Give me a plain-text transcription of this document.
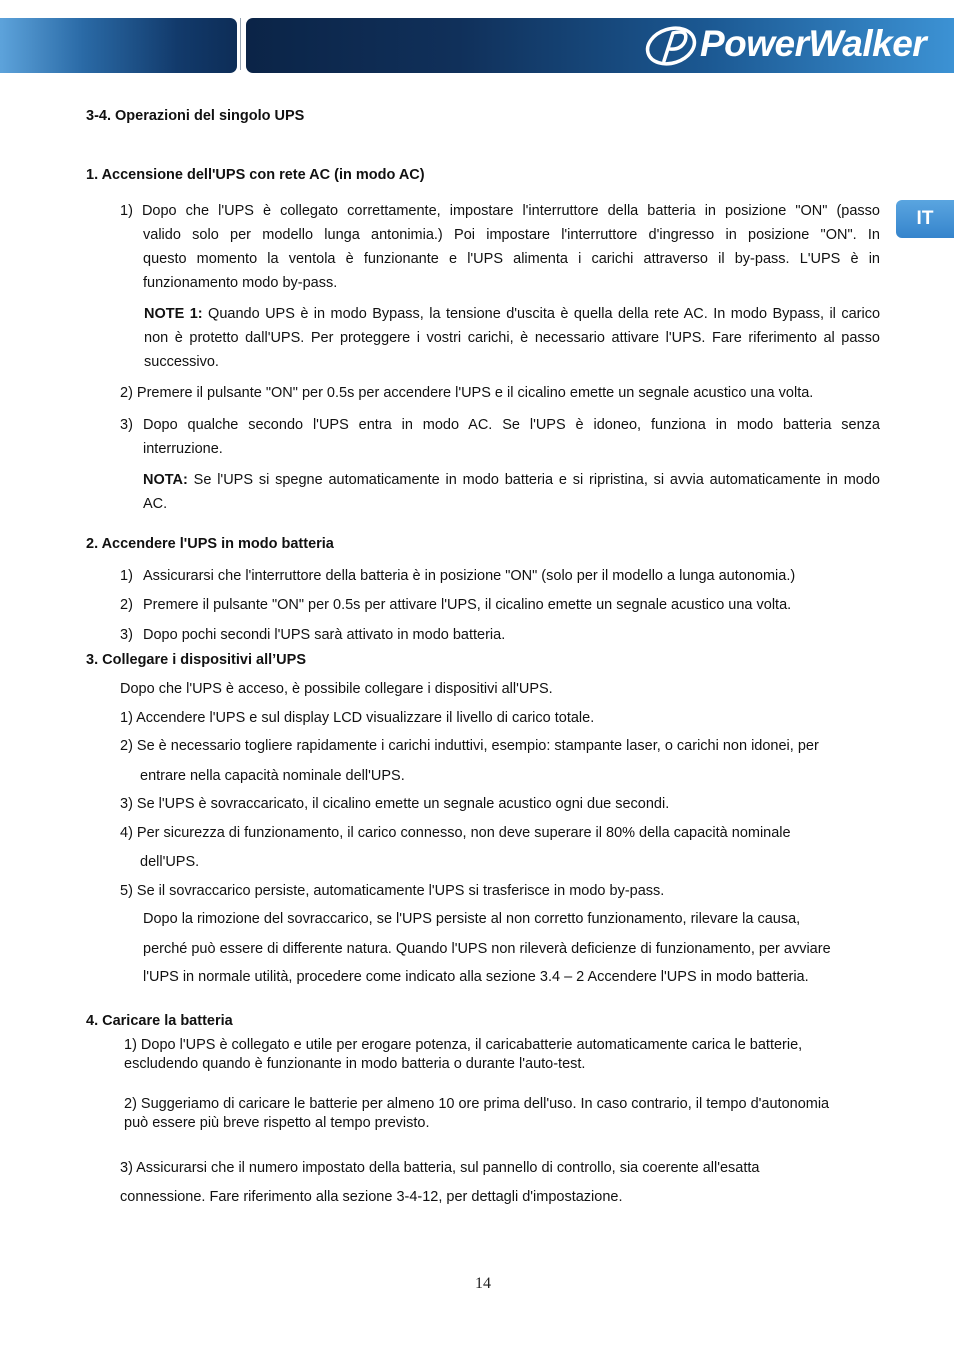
PowerWalker
IT
3-4. Operazioni del singolo UPS
1. Accensione dell'UPS con rete AC (in modo AC)
1) Dopo che l'UPS è collegato correttamente, impostare l'interruttore della batteria in posizione "ON" (passo
valido solo per modello lunga antonimia.) Poi impostare l'interruttore d'ingresso in posizione "ON". In
questo momento la ventola è funzionante e l'UPS alimenta i carichi attraverso il by-pass. L'UPS è in
funzionamento modo by-pass.
NOTE 1: Quando UPS è in modo Bypass, la tensione d'uscita è quella della rete AC. In modo Bypass, il carico
non è protetto dall'UPS. Per proteggere i vostri carichi, è necessario attivare l'UPS. Fare riferimento al passo
successivo.
2) Premere il pulsante "ON" per 0.5s per accendere l'UPS e il cicalino emette un segnale acustico una volta.
3) Dopo qualche secondo l'UPS entra in modo AC. Se l'UPS è idoneo, funziona in modo batteria senza
interruzione.
NOTA: Se l'UPS si spegne automaticamente in modo batteria e si ripristina, si avvia automaticamente in modo
AC.
2. Accendere l'UPS in modo batteria
1) Assicurarsi che l'interruttore della batteria è in posizione "ON" (solo per il modello a lunga autonomia.)
2) Premere il pulsante "ON" per 0.5s per attivare l'UPS, il cicalino emette un segnale acustico una volta.
3) Dopo pochi secondi l'UPS sarà attivato in modo batteria.
3. Collegare i dispositivi all’UPS
Dopo che l'UPS è acceso, è possibile collegare i dispositivi all'UPS.
1) Accendere l'UPS e sul display LCD visualizzare il livello di carico totale.
2) Se è necessario togliere rapidamente i carichi induttivi, esempio: stampante laser, o carichi non idonei, per
entrare nella capacità nominale dell'UPS.
3) Se l'UPS è sovraccaricato, il cicalino emette un segnale acustico ogni due secondi.
4) Per sicurezza di funzionamento, il carico connesso, non deve superare il 80% della capacità nominale
dell'UPS.
5) Se il sovraccarico persiste, automaticamente l'UPS si trasferisce in modo by-pass.
Dopo la rimozione del sovraccarico, se l'UPS persiste al non corretto funzionamento, rilevare la causa,
perché può essere di differente natura. Quando l'UPS non rileverà deficienze di funzionamento, per avviare
l'UPS in normale utilità, procedere come indicato alla sezione 3.4 – 2 Accendere l'UPS in modo batteria.
4. Caricare la batteria
1) Dopo l'UPS è collegato e utile per erogare potenza, il caricabatterie automaticamente carica le batterie,
escludendo quando è funzionante in modo batteria o durante l'auto-test.
2) Suggeriamo di caricare le batterie per almeno 10 ore prima dell'uso. In caso contrario, il tempo d'autonomia
può essere più breve rispetto al tempo previsto.
3) Assicurarsi che il numero impostato della batteria, sul pannello di controllo, sia coerente all'esatta
connessione. Fare riferimento alla sezione 3-4-12, per dettagli d'impostazione.
14
